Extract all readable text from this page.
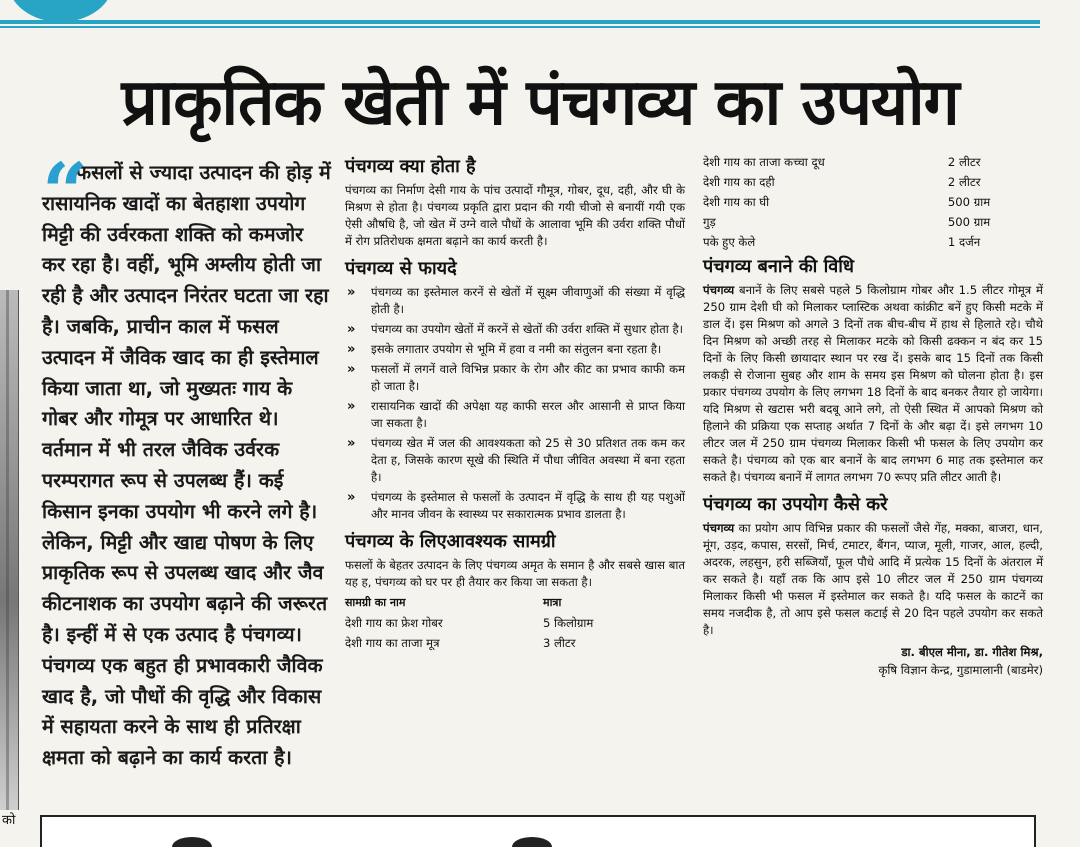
को
प्राकृतिक खेती में पंचगव्य का उपयोग
“

फसलों से ज्यादा उत्पादन की होड़ में रासायनिक खादों का बेतहाशा उपयोग मिट्टी की उर्वरकता शक्ति को कमजोर कर रहा है। वहीं, भूमि अम्लीय होती जा रही है और उत्पादन निरंतर घटता जा रहा है। जबकि, प्राचीन काल में फसल उत्पादन में जैविक खाद का ही इस्तेमाल किया जाता था, जो मुख्यतः गाय के गोबर और गोमूत्र पर आधारित थे। वर्तमान में भी तरल जैविक उर्वरक परम्परागत रूप से उपलब्ध हैं। कई किसान इनका उपयोग भी करने लगे है। लेकिन, मिट्टी और खाद्य पोषण के लिए प्राकृतिक रूप से उपलब्ध खाद और जैव कीटनाशक का उपयोग बढ़ाने की जरूरत है। इन्हीं में से एक उत्पाद है पंचगव्य। पंचगव्य एक बहुत ही प्रभावकारी जैविक खाद है, जो पौधों की वृद्धि और विकास में सहायता करने के साथ ही प्रतिरक्षा क्षमता को बढ़ाने का कार्य करता है।

पंचगव्य क्या होता है
पंचगव्य का निर्माण देसी गाय के पांच उत्पादों गौमूत्र, गोबर, दूध, दही, और घी के मिश्रण से होता है। पंचगव्य प्रकृति द्वारा प्रदान की गयी चीजो से बनायीं गयी एक ऐसी औषधि है, जो खेत में उग्ने वाले पौधों के आलावा भूमि की उर्वरा शक्ति पौधों में रोग प्रतिरोधक क्षमता बढ़ाने का कार्य करती है।
पंचगव्य से फायदे
» पंचगव्य का इस्तेमाल करनें से खेतों में सूक्ष्म जीवाणुओं की संख्या में वृद्धि होती है।
» पंचगव्य का उपयोग खेतों में करनें से खेतों की उर्वरा शक्ति में सुधार होता है।
» इसके लगातार उपयोग से भूमि में हवा व नमी का संतुलन बना रहता है।
» फसलों में लगनें वाले विभिन्न प्रकार के रोग और कीट का प्रभाव काफी कम हो जाता है।
» रासायनिक खादों की अपेक्षा यह काफी सरल और आसानी से प्राप्त किया जा सकता है।
» पंचगव्य खेत में जल की आवश्यकता को 25 से 30 प्रतिशत तक कम कर देता ह, जिसके कारण सूखे की स्थिति में पौधा जीवित अवस्था में बना रहता है।
» पंचगव्य के इस्तेमाल से फसलों के उत्पादन में वृद्धि के साथ ही यह पशुओं और मानव जीवन के स्वास्थ्य पर सकारात्मक प्रभाव डालता है।
पंचगव्य के लिएआवश्यक सामग्री
फसलों के बेहतर उत्पादन के लिए पंचगव्य अमृत के समान है और सबसे खास बात यह ह, पंचगव्य को घर पर ही तैयार कर किया जा सकता है।
सामग्री का नाम	मात्रा
देशी गाय का फ्रेश गोबर	5 किलोग्राम
देशी गाय का ताजा मूत्र	3 लीटर
देशी गाय का ताजा कच्चा दूध	2 लीटर
देशी गाय का दही	2 लीटर
देशी गाय का घी	500 ग्राम
गुड़	500 ग्राम
पके हुए केले	1 दर्जन
पंचगव्य बनाने की विधि
पंचगव्य बनानें के लिए सबसे पहले 5 किलोग्राम गोबर और 1.5 लीटर गोमूत्र में 250 ग्राम देशी घी को मिलाकर प्लास्टिक अथवा कांक्रीट बनें हुए किसी मटके में डाल दें। इस मिश्रण को अगले 3 दिनों तक बीच-बीच में हाथ से हिलाते रहे। चौथे दिन मिश्रण को अच्छी तरह से मिलाकर मटके को किसी ढक्कन न बंद कर 15 दिनों के लिए किसी छायादार स्थान पर रख दें। इसके बाद 15 दिनों तक किसी लकड़ी से रोजाना सुबह और शाम के समय इस मिश्रण को घोलना होता है। इस प्रकार पंचगव्य उपयोग के लिए लगभग 18 दिनों के बाद बनकर तैयार हो जायेगा। यदि मिश्रण से खटास भरी बदबू आने लगे, तो ऐसी स्थित में आपको मिश्रण को हिलाने की प्रक्रिया एक सप्ताह अर्थात 7 दिनों के और बढ़ा दें। इसे लगभग 10 लीटर जल में 250 ग्राम पंचगव्य मिलाकर किसी भी फसल के लिए उपयोग कर सकते है। पंचगव्य को एक बार बनानें के बाद लगभग 6 माह तक इस्तेमाल कर सकते है। पंचगव्य बनानें में लागत लगभग 70 रूपए प्रति लीटर आती है।
पंचगव्य का उपयोग कैसे करे
पंचगव्य का प्रयोग आप विभिन्न प्रकार की फसलों जैसे गेंह, मक्का, बाजरा, धान, मूंग, उड़द, कपास, सरसों, मिर्च, टमाटर, बैंगन, प्याज, मूली, गाजर, आल, हल्दी, अदरक, लहसुन, हरी सब्जियाँ, फूल पौधे आदि में प्रत्येक 15 दिनों के अंतराल में कर सकते है। यहाँ तक कि आप इसे 10 लीटर जल में 250 ग्राम पंचगव्य मिलाकर किसी भी फसल में इस्तेमाल कर सकते है। यदि फसल के काटनें का समय नजदीक है, तो आप इसे फसल कटाई से 20 दिन पहले उपयोग कर सकते है।
डा. बीएल मीना, डा. गीतेश मिश्र,
कृषि विज्ञान केन्द्र, गुडामालानी (बाडमेर)
